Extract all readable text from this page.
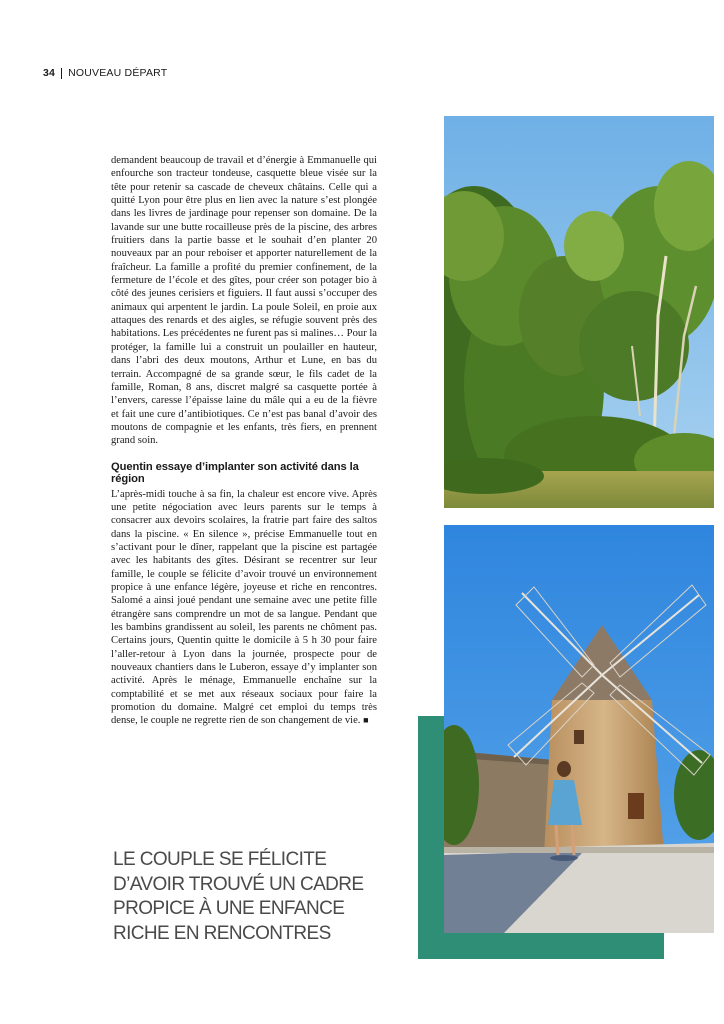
34 NOUVEAU DÉPART

demandent beaucoup de travail et d’énergie à Emmanuelle qui enfourche son tracteur tondeuse, casquette bleue visée sur la tête pour retenir sa cascade de cheveux châtains. Celle qui a quitté Lyon pour être plus en lien avec la nature s’est plongée dans les livres de jardinage pour repenser son domaine. De la lavande sur une butte rocailleuse près de la piscine, des arbres fruitiers dans la partie basse et le souhait d’en planter 20 nouveaux par an pour reboiser et apporter naturellement de la fraîcheur. La famille a profité du premier confinement, de la fermeture de l’école et des gîtes, pour créer son potager bio à côté des jeunes cerisiers et figuiers. Il faut aussi s’occuper des animaux qui arpentent le jardin. La poule Soleil, en proie aux attaques des renards et des aigles, se réfugie souvent près des habitations. Les précédentes ne furent pas si malines… Pour la protéger, la famille lui a construit un poulailler en hauteur, dans l’abri des deux moutons, Arthur et Lune, en bas du terrain. Accompagné de sa grande sœur, le fils cadet de la famille, Roman, 8 ans, discret malgré sa casquette portée à l’envers, caresse l’épaisse laine du mâle qui a eu de la fièvre et fait une cure d’antibiotiques. Ce n’est pas banal d’avoir des moutons de compagnie et les enfants, très fiers, en prennent grand soin.

Quentin essaye d’implanter son activité dans la région

L’après-midi touche à sa fin, la chaleur est encore vive. Après une petite négociation avec leurs parents sur le temps à consacrer aux devoirs scolaires, la fratrie part faire des saltos dans la piscine. « En silence », précise Emmanuelle tout en s’activant pour le dîner, rappelant que la piscine est partagée avec les habitants des gîtes. Désirant se recentrer sur leur famille, le couple se félicite d’avoir trouvé un environnement propice à une enfance légère, joyeuse et riche en rencontres. Salomé a ainsi joué pendant une semaine avec une petite fille étrangère sans comprendre un mot de sa langue. Pendant que les bambins grandissent au soleil, les parents ne chôment pas. Certains jours, Quentin quitte le domicile à 5 h 30 pour faire l’aller-retour à Lyon dans la journée, prospecte pour de nouveaux chantiers dans le Luberon, essaye d’y implanter son activité. Après le ménage, Emmanuelle enchaîne sur la comptabilité et se met aux réseaux sociaux pour faire la promotion du domaine. Malgré cet emploi du temps très dense, le couple ne regrette rien de son changement de vie. ■

LE COUPLE SE FÉLICITE
D’AVOIR TROUVÉ UN CADRE
PROPICE À UNE ENFANCE
RICHE EN RENCONTRES
